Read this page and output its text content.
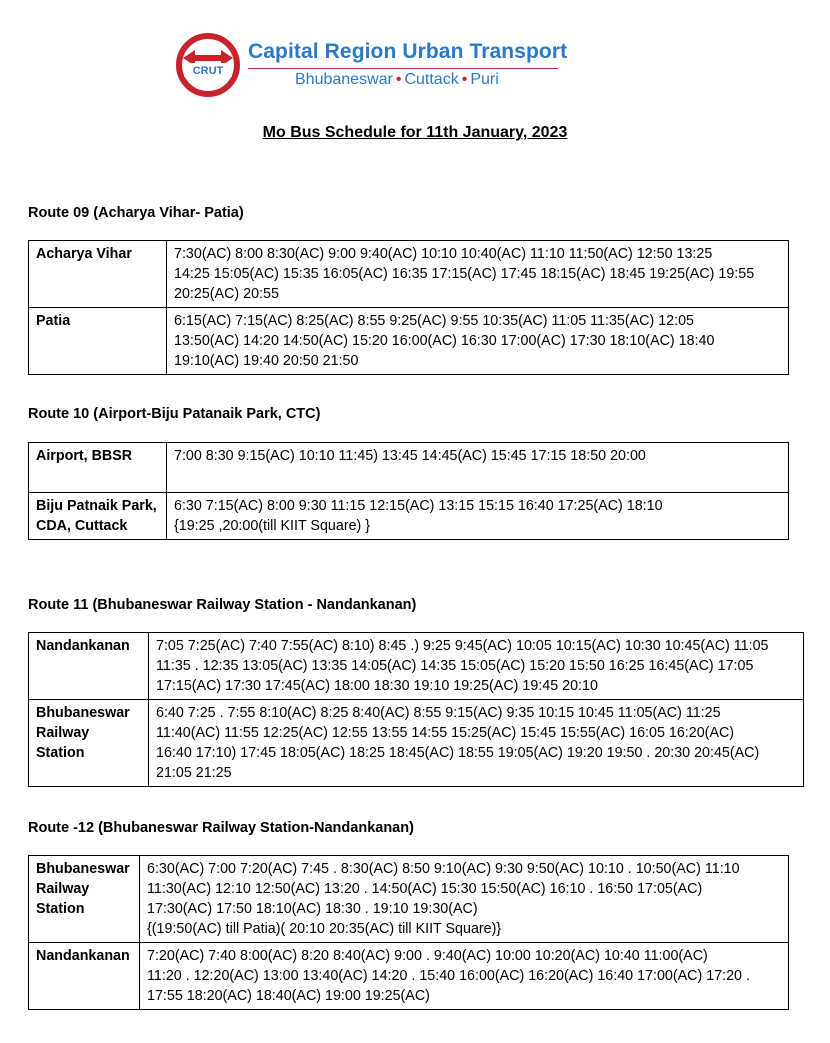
CRUT
Capital Region Urban Transport
Bhubaneswar • Cuttack • Puri
Mo Bus Schedule for 11th January, 2023
Route 09 (Acharya Vihar- Patia)
Acharya Vihar	7:30(AC) 8:00 8:30(AC) 9:00 9:40(AC) 10:10 10:40(AC) 11:10 11:50(AC) 12:50 13:25
14:25 15:05(AC) 15:35 16:05(AC) 16:35 17:15(AC) 17:45 18:15(AC) 18:45 19:25(AC) 19:55
20:25(AC) 20:55

Patia	6:15(AC) 7:15(AC) 8:25(AC) 8:55 9:25(AC) 9:55 10:35(AC) 11:05 11:35(AC) 12:05
13:50(AC) 14:20 14:50(AC) 15:20 16:00(AC) 16:30 17:00(AC) 17:30 18:10(AC) 18:40
19:10(AC) 19:40 20:50 21:50
Route 10 (Airport-Biju Patanaik Park, CTC)
Airport, BBSR	7:00 8:30 9:15(AC) 10:10 11:45) 13:45 14:45(AC) 15:45 17:15 18:50 20:00

Biju Patnaik Park, CDA, Cuttack	6:30 7:15(AC) 8:00 9:30 11:15 12:15(AC) 13:15 15:15 16:40 17:25(AC) 18:10
{19:25 ,20:00(till KIIT Square) }
Route 11 (Bhubaneswar Railway Station - Nandankanan)
Nandankanan	7:05 7:25(AC) 7:40 7:55(AC) 8:10) 8:45 .) 9:25 9:45(AC) 10:05 10:15(AC) 10:30 10:45(AC) 11:05
11:35 . 12:35 13:05(AC) 13:35 14:05(AC) 14:35 15:05(AC) 15:20 15:50 16:25 16:45(AC) 17:05
17:15(AC) 17:30 17:45(AC) 18:00 18:30 19:10 19:25(AC) 19:45 20:10

Bhubaneswar Railway Station	6:40 7:25 . 7:55 8:10(AC) 8:25 8:40(AC) 8:55 9:15(AC) 9:35 10:15 10:45 11:05(AC) 11:25
11:40(AC) 11:55 12:25(AC) 12:55 13:55 14:55 15:25(AC) 15:45 15:55(AC) 16:05 16:20(AC)
16:40 17:10) 17:45 18:05(AC) 18:25 18:45(AC) 18:55 19:05(AC) 19:20 19:50 . 20:30 20:45(AC)
21:05 21:25
Route -12 (Bhubaneswar Railway Station-Nandankanan)
Bhubaneswar Railway Station	6:30(AC) 7:00 7:20(AC) 7:45 . 8:30(AC) 8:50 9:10(AC) 9:30 9:50(AC) 10:10 . 10:50(AC) 11:10
11:30(AC) 12:10 12:50(AC) 13:20 . 14:50(AC) 15:30 15:50(AC) 16:10 . 16:50 17:05(AC)
17:30(AC) 17:50 18:10(AC) 18:30 . 19:10 19:30(AC)
{(19:50(AC) till Patia)( 20:10 20:35(AC) till KIIT Square)}

Nandankanan	7:20(AC) 7:40 8:00(AC) 8:20 8:40(AC) 9:00 . 9:40(AC) 10:00 10:20(AC) 10:40 11:00(AC)
11:20 . 12:20(AC) 13:00 13:40(AC) 14:20 . 15:40 16:00(AC) 16:20(AC) 16:40 17:00(AC) 17:20 .
17:55 18:20(AC) 18:40(AC) 19:00 19:25(AC)
